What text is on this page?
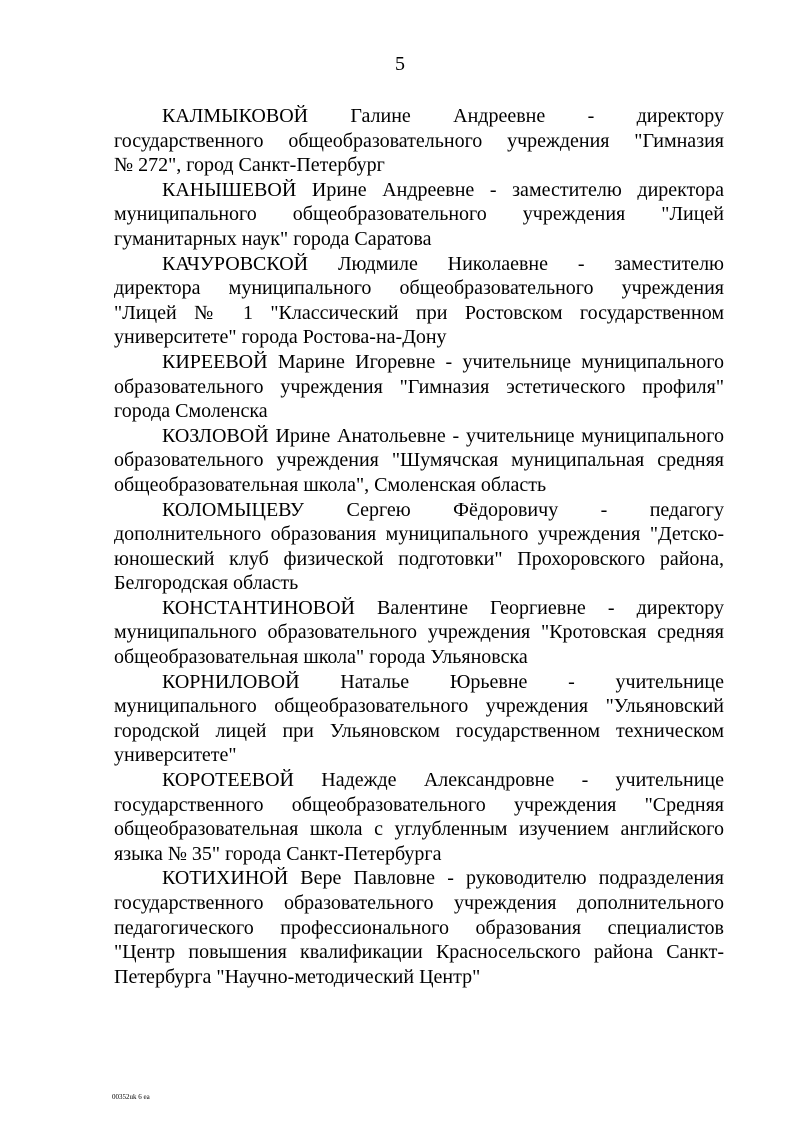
5
КАЛМЫКОВОЙ Галине Андреевне - директору
государственного общеобразовательного учреждения "Гимназия
№ 272", город Санкт-Петербург
КАНЫШЕВОЙ Ирине Андреевне - заместителю директора
муниципального общеобразовательного учреждения "Лицей
гуманитарных наук" города Саратова
КАЧУРОВСКОЙ Людмиле Николаевне - заместителю
директора муниципального общеобразовательного учреждения
"Лицей № 1 "Классический при Ростовском государственном
университете" города Ростова-на-Дону
КИРЕЕВОЙ Марине Игоревне - учительнице муниципального
образовательного учреждения "Гимназия эстетического профиля"
города Смоленска
КОЗЛОВОЙ Ирине Анатольевне - учительнице муниципального
образовательного учреждения "Шумячская муниципальная средняя
общеобразовательная школа", Смоленская область
КОЛОМЫЦЕВУ Сергею Фёдоровичу - педагогу
дополнительного образования муниципального учреждения "Детско-
юношеский клуб физической подготовки" Прохоровского района,
Белгородская область
КОНСТАНТИНОВОЙ Валентине Георгиевне - директору
муниципального образовательного учреждения "Кротовская средняя
общеобразовательная школа" города Ульяновска
КОРНИЛОВОЙ Наталье Юрьевне - учительнице
муниципального общеобразовательного учреждения "Ульяновский
городской лицей при Ульяновском государственном техническом
университете"
КОРОТЕЕВОЙ Надежде Александровне - учительнице
государственного общеобразовательного учреждения "Средняя
общеобразовательная школа с углубленным изучением английского
языка № 35" города Санкт-Петербурга
КОТИХИНОЙ Вере Павловне - руководителю подразделения
государственного образовательного учреждения дополнительного
педагогического профессионального образования специалистов
"Центр повышения квалификации Красносельского района Санкт-
Петербурга "Научно-методический Центр"
00352uk 6 ea
